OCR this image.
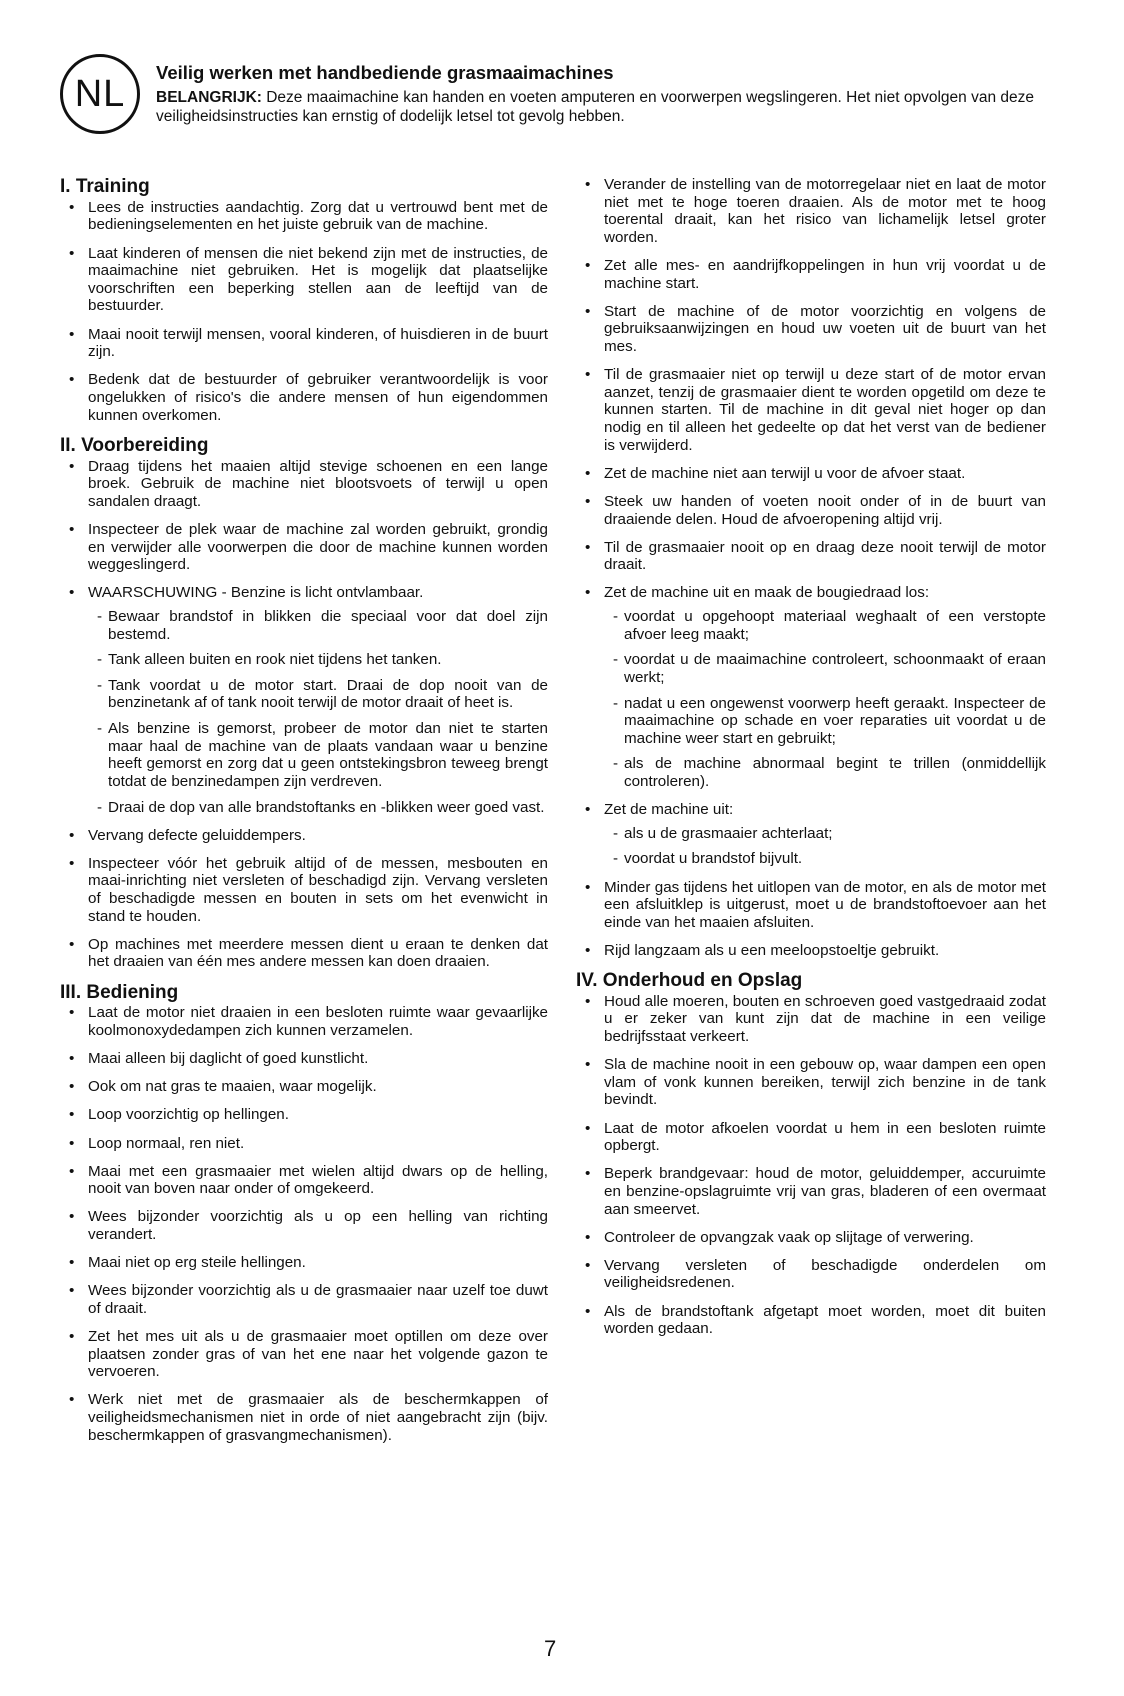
NL
Veilig werken met handbediende grasmaaimachines
BELANGRIJK: Deze maaimachine kan handen en voeten amputeren en voorwerpen wegslingeren. Het niet opvolgen van deze veiligheidsinstructies kan ernstig of dodelijk letsel tot gevolg hebben.
I. Training
• Lees de instructies aandachtig. Zorg dat u vertrouwd bent met de bedieningselementen en het juiste gebruik van de machine.
• Laat kinderen of mensen die niet bekend zijn met de instructies, de maaimachine niet gebruiken. Het is mogelijk dat plaatselijke voorschriften een beperking stellen aan de leeftijd van de bestuurder.
• Maai nooit terwijl mensen, vooral kinderen, of huisdieren in de buurt zijn.
• Bedenk dat de bestuurder of gebruiker verantwoordelijk is voor ongelukken of risico's die andere mensen of hun eigendommen kunnen overkomen.
II. Voorbereiding
• Draag tijdens het maaien altijd stevige schoenen en een lange broek. Gebruik de machine niet blootsvoets of terwijl u open sandalen draagt.
• Inspecteer de plek waar de machine zal worden gebruikt, grondig en verwijder alle voorwerpen die door de machine kunnen worden weggeslingerd.
• WAARSCHUWING - Benzine is licht ontvlambaar.
- Bewaar brandstof in blikken die speciaal voor dat doel zijn bestemd.
- Tank alleen buiten en rook niet tijdens het tanken.
- Tank voordat u de motor start. Draai de dop nooit van de benzinetank af of tank nooit terwijl de motor draait of heet is.
- Als benzine is gemorst, probeer de motor dan niet te starten maar haal de machine van de plaats vandaan waar u benzine heeft gemorst en zorg dat u geen ontstekingsbron teweeg brengt totdat de benzinedampen zijn verdreven.
- Draai de dop van alle brandstoftanks en -blikken weer goed vast.
• Vervang defecte geluiddempers.
• Inspecteer vóór het gebruik altijd of de messen, mesbouten en maai-inrichting niet versleten of beschadigd zijn. Vervang versleten of beschadigde messen en bouten in sets om het evenwicht in stand te houden.
• Op machines met meerdere messen dient u eraan te denken dat het draaien van één mes andere messen kan doen draaien.
III. Bediening
• Laat de motor niet draaien in een besloten ruimte waar gevaarlijke koolmonoxydedampen zich kunnen verzamelen.
• Maai alleen bij daglicht of goed kunstlicht.
• Ook om nat gras te maaien, waar mogelijk.
• Loop voorzichtig op hellingen.
• Loop normaal, ren niet.
• Maai met een grasmaaier met wielen altijd dwars op de helling, nooit van boven naar onder of omgekeerd.
• Wees bijzonder voorzichtig als u op een helling van richting verandert.
• Maai niet op erg steile hellingen.
• Wees bijzonder voorzichtig als u de grasmaaier naar uzelf toe duwt of draait.
• Zet het mes uit als u de grasmaaier moet optillen om deze over plaatsen zonder gras of van het ene naar het volgende gazon te vervoeren.
• Werk niet met de grasmaaier als de beschermkappen of veiligheidsmechanismen niet in orde of niet aangebracht zijn (bijv. beschermkappen of grasvangmechanismen).
• Verander de instelling van de motorregelaar niet en laat de motor niet met te hoge toeren draaien. Als de motor met te hoog toerental draait, kan het risico van lichamelijk letsel groter worden.
• Zet alle mes- en aandrijfkoppelingen in hun vrij voordat u de machine start.
• Start de machine of de motor voorzichtig en volgens de gebruiksaanwijzingen en houd uw voeten uit de buurt van het mes.
• Til de grasmaaier niet op terwijl u deze start of de motor ervan aanzet, tenzij de grasmaaier dient te worden opgetild om deze te kunnen starten. Til de machine in dit geval niet hoger op dan nodig en til alleen het gedeelte op dat het verst van de bediener is verwijderd.
• Zet de machine niet aan terwijl u voor de afvoer staat.
• Steek uw handen of voeten nooit onder of in de buurt van draaiende delen. Houd de afvoeropening altijd vrij.
• Til de grasmaaier nooit op en draag deze nooit terwijl de motor draait.
• Zet de machine uit en maak de bougiedraad los:
- voordat u opgehoopt materiaal weghaalt of een verstopte afvoer leeg maakt;
- voordat u de maaimachine controleert, schoonmaakt of eraan werkt;
- nadat u een ongewenst voorwerp heeft geraakt. Inspecteer de maaimachine op schade en voer reparaties uit voordat u de machine weer start en gebruikt;
- als de machine abnormaal begint te trillen (onmiddellijk controleren).
• Zet de machine uit:
- als u de grasmaaier achterlaat;
- voordat u brandstof bijvult.
• Minder gas tijdens het uitlopen van de motor, en als de motor met een afsluitklep is uitgerust, moet u de brandstoftoevoer aan het einde van het maaien afsluiten.
• Rijd langzaam als u een meeloopstoeltje gebruikt.
IV. Onderhoud en Opslag
• Houd alle moeren, bouten en schroeven goed vastgedraaid zodat u er zeker van kunt zijn dat de machine in een veilige bedrijfsstaat verkeert.
• Sla de machine nooit in een gebouw op, waar dampen een open vlam of vonk kunnen bereiken, terwijl zich benzine in de tank bevindt.
• Laat de motor afkoelen voordat u hem in een besloten ruimte opbergt.
• Beperk brandgevaar: houd de motor, geluiddemper, accuruimte en benzine-opslagruimte vrij van gras, bladeren of een overmaat aan smeervet.
• Controleer de opvangzak vaak op slijtage of verwering.
• Vervang versleten of beschadigde onderdelen om veiligheidsredenen.
• Als de brandstoftank afgetapt moet worden, moet dit buiten worden gedaan.
7
